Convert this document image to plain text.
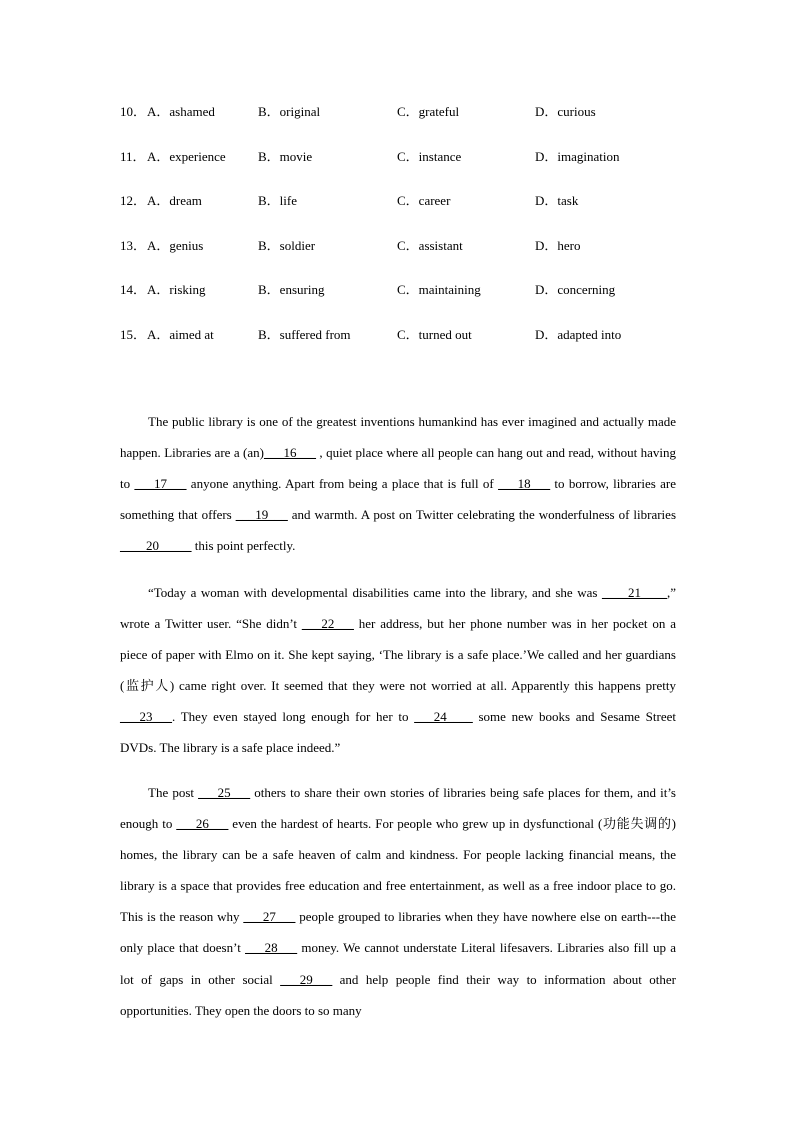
10． A．ashamed	B．original	C．grateful	D．curious
11． A．experience B．movie	C．instance	D．imagination
12． A．dream	B．life	C．career	D．task
13． A．genius	B．soldier	C．assistant	D．hero
14． A．risking	B．ensuring	C．maintaining	D．concerning
15． A．aimed at	B．suffered from	C．turned out	D．adapted into

The public library is one of the greatest inventions humankind has ever imagined and actually made happen. Libraries are a (an)___16___ , quiet place where all people can hang out and read, without having to ___17___ anyone anything. Apart from being a place that is full of ___18___ to borrow, libraries are something that offers ___19___ and warmth. A post on Twitter celebrating the wonderfulness of libraries ____20_____ this point perfectly.

“Today a woman with developmental disabilities came into the library, and she was ____21____,” wrote a Twitter user. “She didn’t ___22___ her address, but her phone number was in her pocket on a piece of paper with Elmo on it. She kept saying, ‘The library is a safe place.’We called and her guardians (监护人) came right over. It seemed that they were not worried at all. Apparently this happens pretty ___23___. They even stayed long enough for her to ___24____ some new books and Sesame Street DVDs. The library is a safe place indeed.”

The post ___25___ others to share their own stories of libraries being safe places for them, and it’s enough to ___26___ even the hardest of hearts. For people who grew up in dysfunctional (功能失调的) homes, the library can be a safe heaven of calm and kindness. For people lacking financial means, the library is a space that provides free education and free entertainment, as well as a free indoor place to go. This is the reason why ___27___ people grouped to libraries when they have nowhere else on earth---the only place that doesn’t ___28___ money. We cannot understate Literal lifesavers. Libraries also fill up a lot of gaps in other social ___29___ and help people find their way to information about other opportunities. They open the doors to so many
